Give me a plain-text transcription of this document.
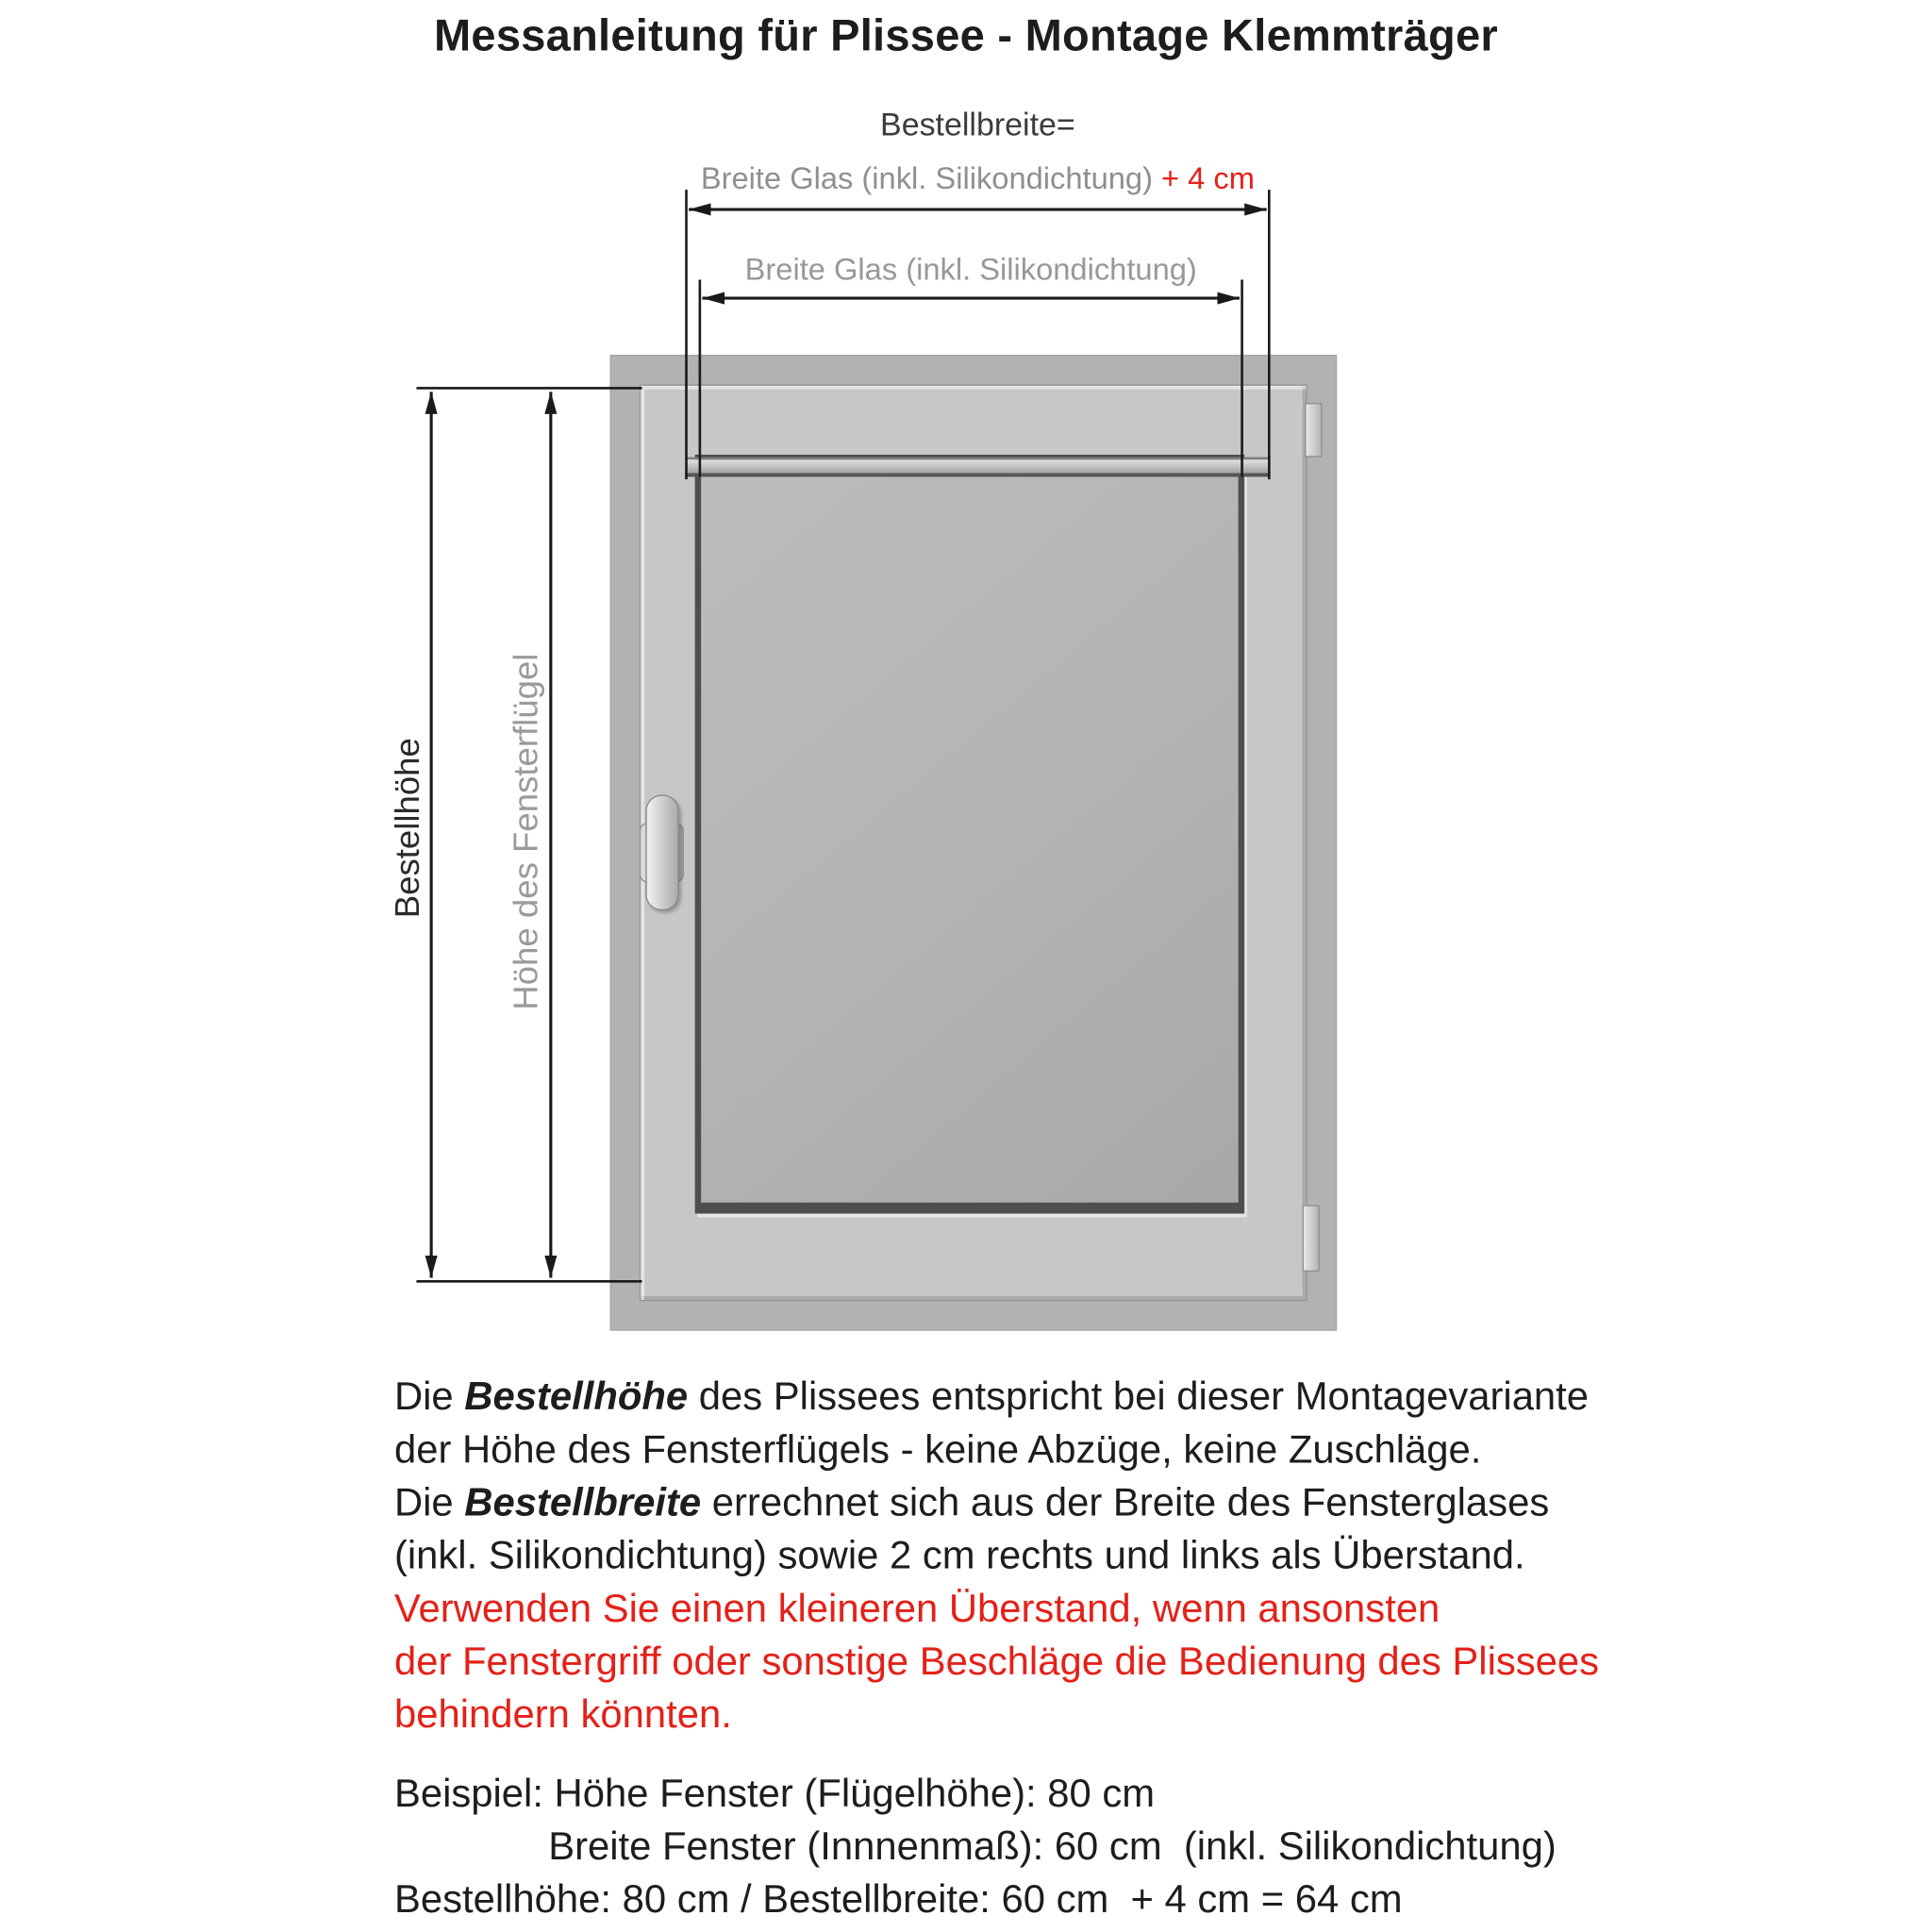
Messanleitung für Plissee - Montage Klemmträger
Bestellbreite=
Breite Glas (inkl. Silikondichtung) + 4 cm
Breite Glas (inkl. Silikondichtung)
Bestellhöhe	Höhe des Fensterflügel
Die Bestellhöhe des Plissees entspricht bei dieser Montagevariante
der Höhe des Fensterflügels - keine Abzüge, keine Zuschläge.
Die Bestellbreite errechnet sich aus der Breite des Fensterglases
(inkl. Silikondichtung) sowie 2 cm rechts und links als Überstand.
Verwenden Sie einen kleineren Überstand, wenn ansonsten
der Fenstergriff oder sonstige Beschläge die Bedienung des Plissees
behindern könnten.
Beispiel: Höhe Fenster (Flügelhöhe): 80 cm
Breite Fenster (Innnenmaß): 60 cm  (inkl. Silikondichtung)
Bestellhöhe: 80 cm / Bestellbreite: 60 cm  + 4 cm = 64 cm
